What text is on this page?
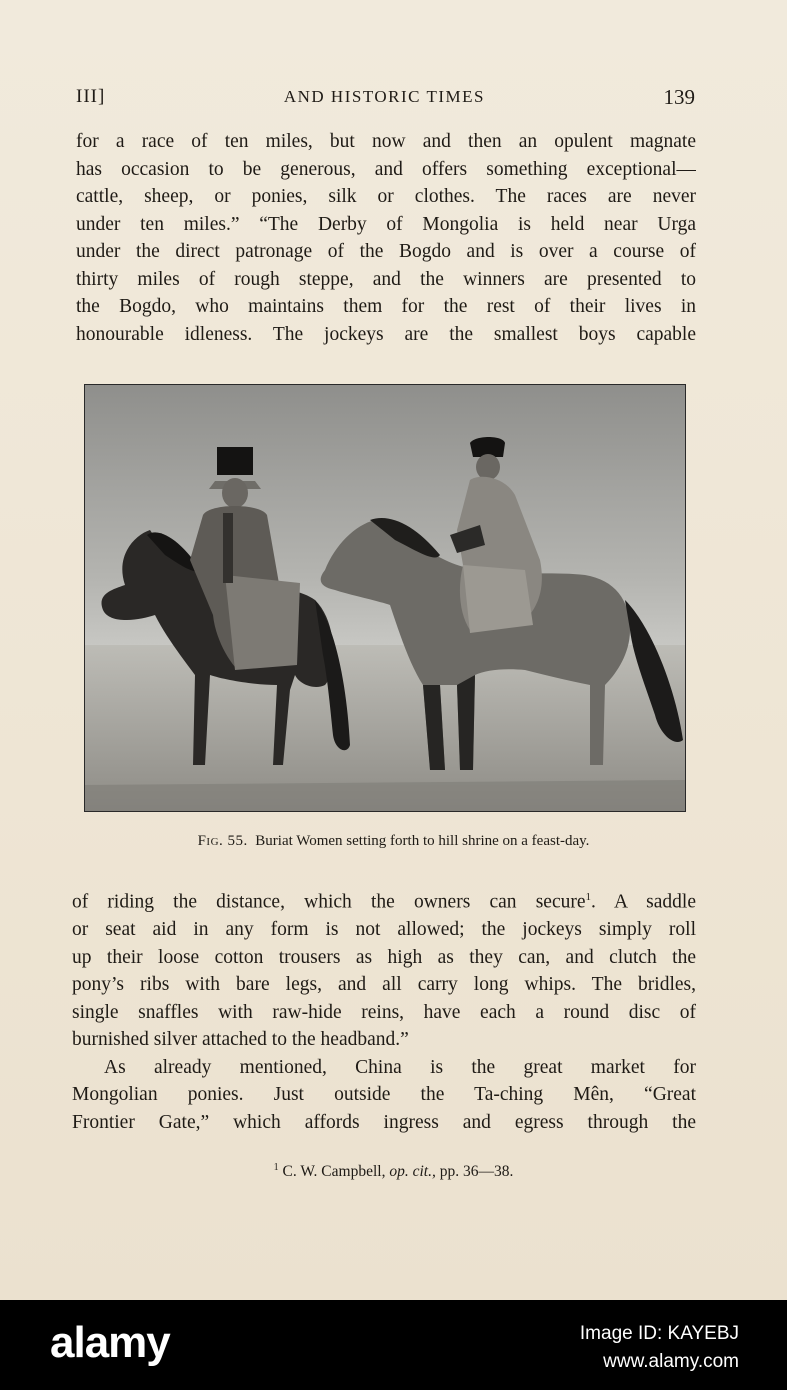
III]	AND HISTORIC TIMES	139
for a race of ten miles, but now and then an opulent magnate
has occasion to be generous, and offers something exceptional—
cattle, sheep, or ponies, silk or clothes. The races are never
under ten miles.” “The Derby of Mongolia is held near Urga
under the direct patronage of the Bogdo and is over a course of
thirty miles of rough steppe, and the winners are presented to
the Bogdo, who maintains them for the rest of their lives in
honourable idleness. The jockeys are the smallest boys capable
Fig. 55. Buriat Women setting forth to hill shrine on a feast-day.
of riding the distance, which the owners can secure$^1$. A saddle
or seat aid in any form is not allowed; the jockeys simply roll
up their loose cotton trousers as high as they can, and clutch the
pony’s ribs with bare legs, and all carry long whips. The bridles,
single snaffles with raw-hide reins, have each a round disc of
burnished silver attached to the headband.”
As already mentioned, China is the great market for
Mongolian ponies. Just outside the Ta-ching Mên, “Great
Frontier Gate,” which affords ingress and egress through the
$^1$ C. W. Campbell, op. cit., pp. 36—38.
alamy	Image ID: KAYEBJ
www.alamy.com
